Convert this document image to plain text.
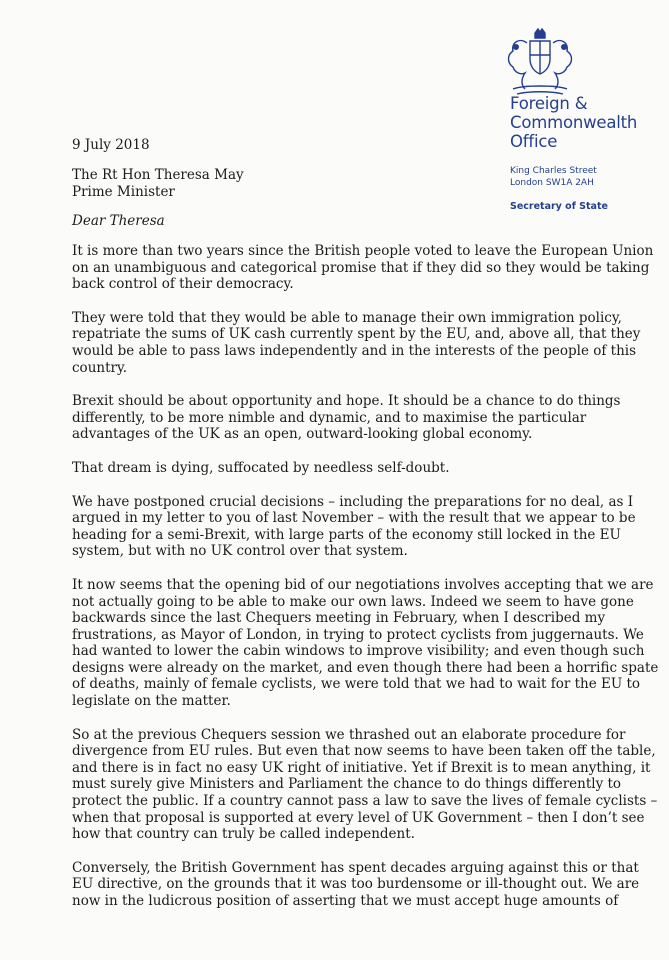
Foreign &
Commonwealth
Office
King Charles Street
London SW1A 2AH
Secretary of State
9 July 2018
The Rt Hon Theresa May
Prime Minister
Dear Theresa

It is more than two years since the British people voted to leave the European Union
on an unambiguous and categorical promise that if they did so they would be taking
back control of their democracy.

They were told that they would be able to manage their own immigration policy,
repatriate the sums of UK cash currently spent by the EU, and, above all, that they
would be able to pass laws independently and in the interests of the people of this
country.

Brexit should be about opportunity and hope. It should be a chance to do things
differently, to be more nimble and dynamic, and to maximise the particular
advantages of the UK as an open, outward-looking global economy.

That dream is dying, suffocated by needless self-doubt.

We have postponed crucial decisions – including the preparations for no deal, as I
argued in my letter to you of last November – with the result that we appear to be
heading for a semi-Brexit, with large parts of the economy still locked in the EU
system, but with no UK control over that system.

It now seems that the opening bid of our negotiations involves accepting that we are
not actually going to be able to make our own laws. Indeed we seem to have gone
backwards since the last Chequers meeting in February, when I described my
frustrations, as Mayor of London, in trying to protect cyclists from juggernauts. We
had wanted to lower the cabin windows to improve visibility; and even though such
designs were already on the market, and even though there had been a horrific spate
of deaths, mainly of female cyclists, we were told that we had to wait for the EU to
legislate on the matter.

So at the previous Chequers session we thrashed out an elaborate procedure for
divergence from EU rules. But even that now seems to have been taken off the table,
and there is in fact no easy UK right of initiative. Yet if Brexit is to mean anything, it
must surely give Ministers and Parliament the chance to do things differently to
protect the public. If a country cannot pass a law to save the lives of female cyclists –
when that proposal is supported at every level of UK Government – then I don’t see
how that country can truly be called independent.

Conversely, the British Government has spent decades arguing against this or that
EU directive, on the grounds that it was too burdensome or ill-thought out. We are
now in the ludicrous position of asserting that we must accept huge amounts of
